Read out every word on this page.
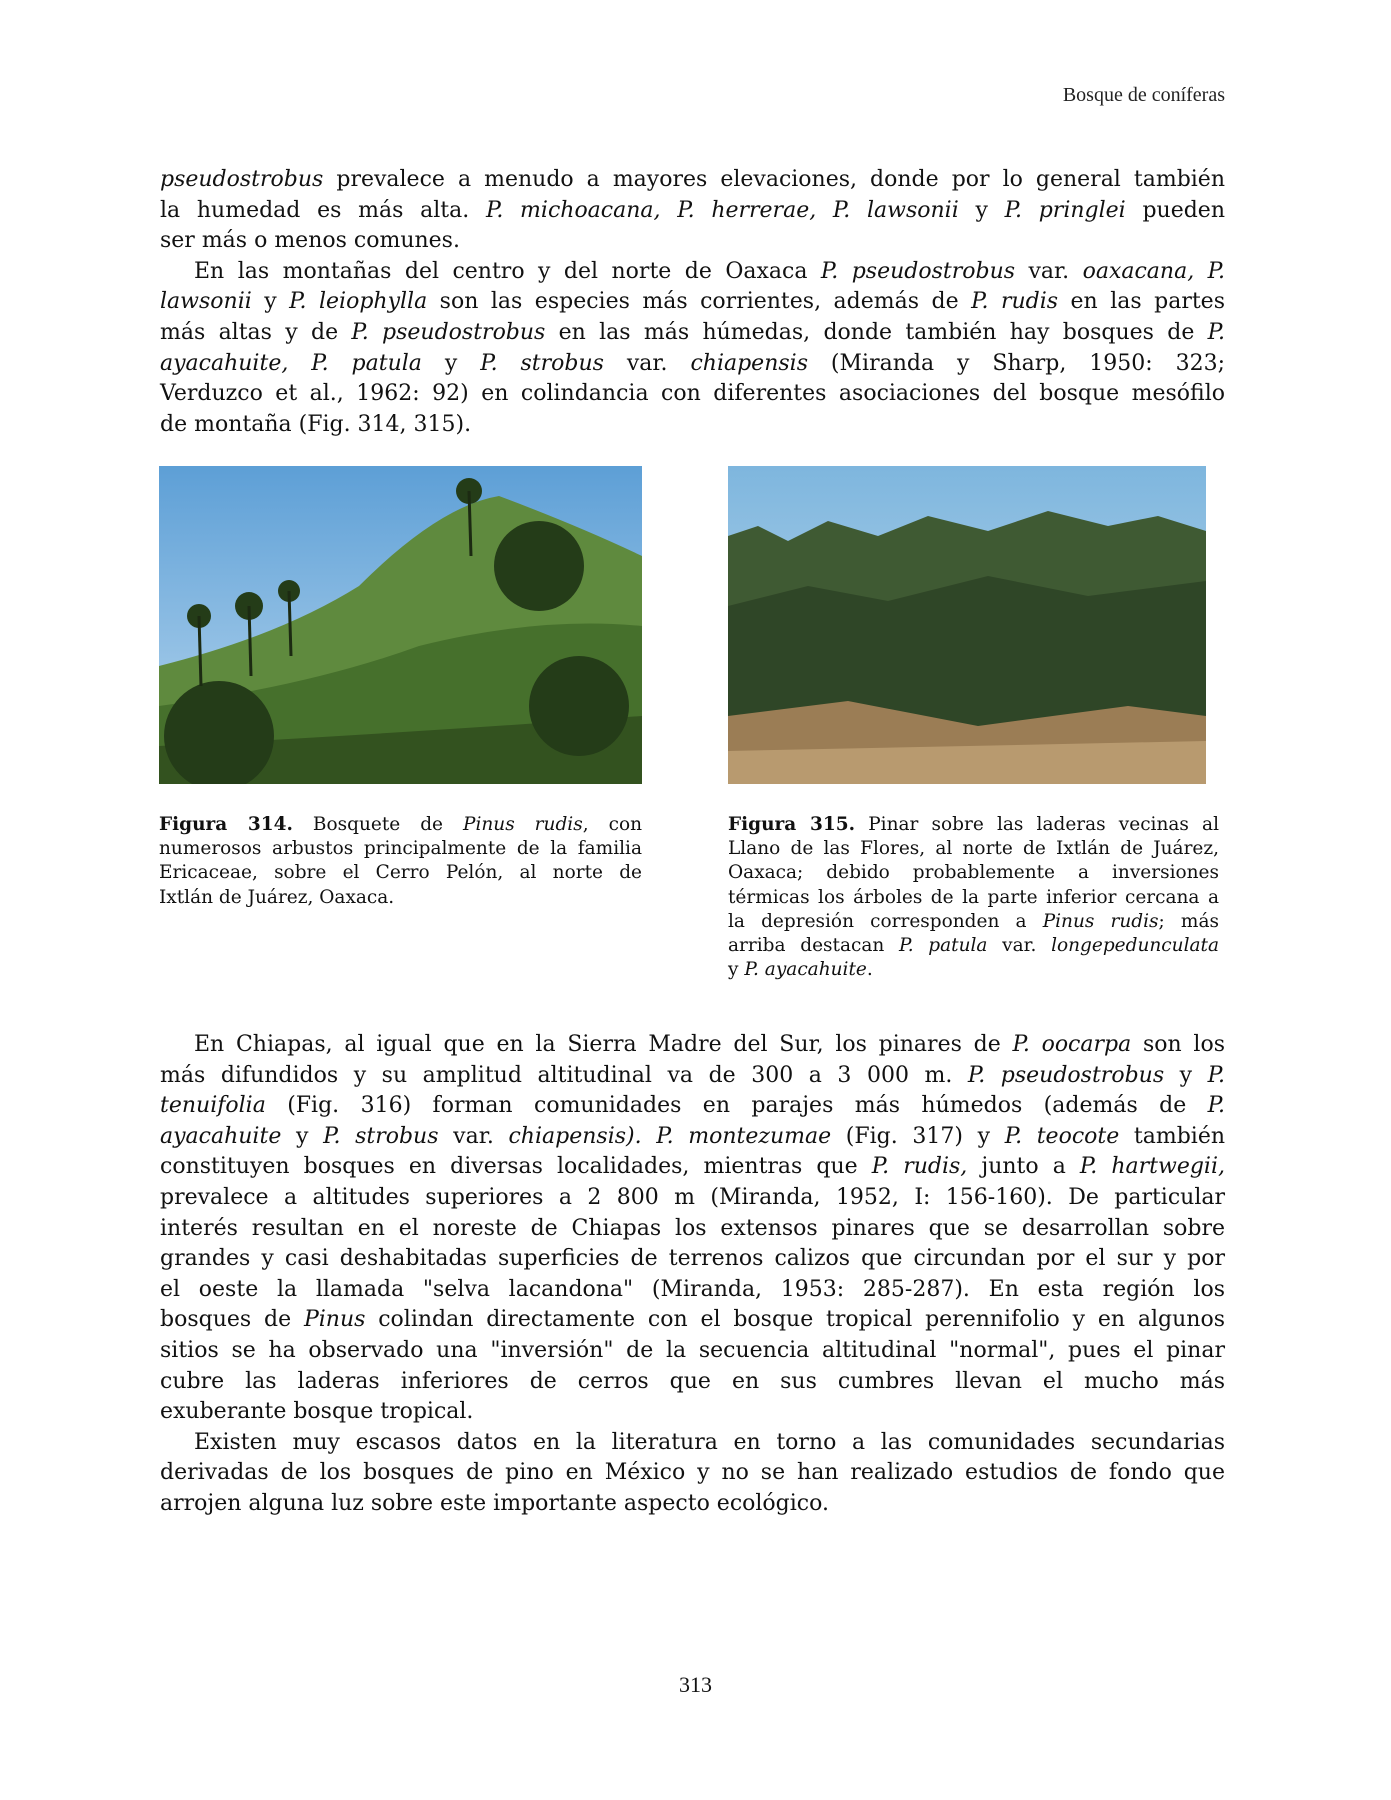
Bosque de coníferas
pseudostrobus prevalece a menudo a mayores elevaciones, donde por lo general también
la humedad es más alta. P. michoacana, P. herrerae, P. lawsonii y P. pringlei pueden
ser más o menos comunes.
En las montañas del centro y del norte de Oaxaca P. pseudostrobus var. oaxacana, P.
lawsonii y P. leiophylla son las especies más corrientes, además de P. rudis en las partes
más altas y de P. pseudostrobus en las más húmedas, donde también hay bosques de P.
ayacahuite, P. patula y P. strobus var. chiapensis (Miranda y Sharp, 1950: 323;
Verduzco et al., 1962: 92) en colindancia con diferentes asociaciones del bosque mesófilo
de montaña (Fig. 314, 315).
Figura 314. Bosquete de Pinus rudis, con
numerosos arbustos principalmente de la familia
Ericaceae, sobre el Cerro Pelón, al norte de
Ixtlán de Juárez, Oaxaca.
Figura 315. Pinar sobre las laderas vecinas al
Llano de las Flores, al norte de Ixtlán de Juárez,
Oaxaca; debido probablemente a inversiones
térmicas los árboles de la parte inferior cercana a
la depresión corresponden a Pinus rudis; más
arriba destacan P. patula var. longepedunculata
y P. ayacahuite.
En Chiapas, al igual que en la Sierra Madre del Sur, los pinares de P. oocarpa son los
más difundidos y su amplitud altitudinal va de 300 a 3 000 m. P. pseudostrobus y P.
tenuifolia (Fig. 316) forman comunidades en parajes más húmedos (además de P.
ayacahuite y P. strobus var. chiapensis). P. montezumae (Fig. 317) y P. teocote también
constituyen bosques en diversas localidades, mientras que P. rudis, junto a P. hartwegii,
prevalece a altitudes superiores a 2 800 m (Miranda, 1952, I: 156-160). De particular
interés resultan en el noreste de Chiapas los extensos pinares que se desarrollan sobre
grandes y casi deshabitadas superficies de terrenos calizos que circundan por el sur y por
el oeste la llamada "selva lacandona" (Miranda, 1953: 285-287). En esta región los
bosques de Pinus colindan directamente con el bosque tropical perennifolio y en algunos
sitios se ha observado una "inversión" de la secuencia altitudinal "normal", pues el pinar
cubre las laderas inferiores de cerros que en sus cumbres llevan el mucho más
exuberante bosque tropical.
Existen muy escasos datos en la literatura en torno a las comunidades secundarias
derivadas de los bosques de pino en México y no se han realizado estudios de fondo que
arrojen alguna luz sobre este importante aspecto ecológico.
313
